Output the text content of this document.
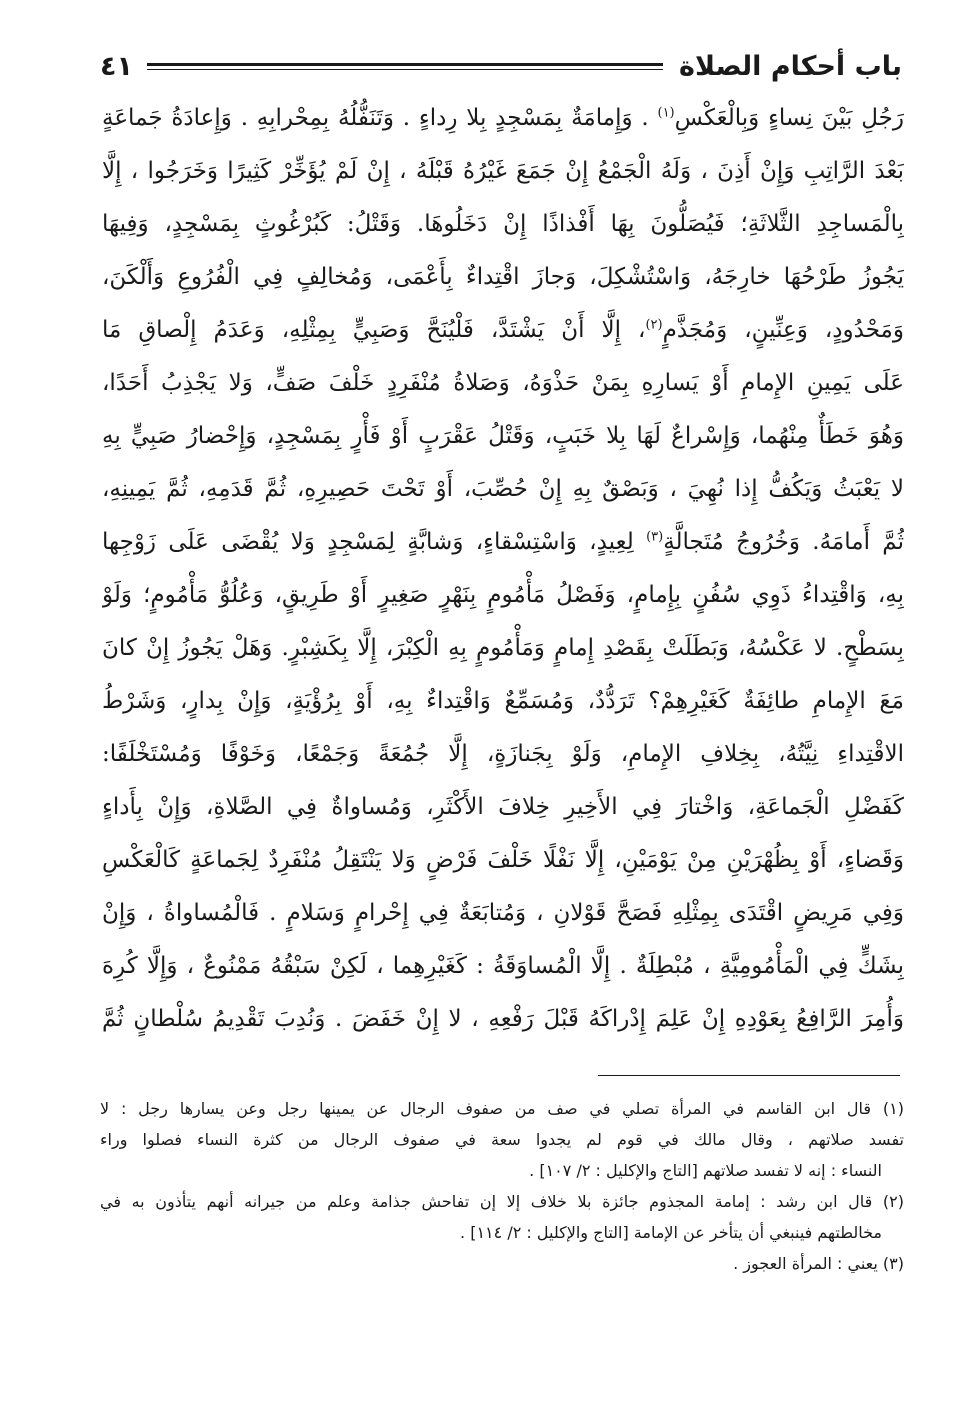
باب أحكام الصلاة
٤١
رَجُلِ بَيْنَ نِساءٍ وَبِالْعَكْسِ$^{(١)}$ . وَإِمامَةٌ بِمَسْجِدٍ بِلا رِداءٍ . وَتَنَفُّلُهُ بِمِحْرابِهِ . وَإِعادَةُ جَماعَةٍ
بَعْدَ الرَّاتِبِ وَإِنْ أَذِنَ ، وَلَهُ الْجَمْعُ إِنْ جَمَعَ غَيْرُهُ قَبْلَهُ ، إِنْ لَمْ يُؤَخِّرْ كَثِيرًا وَخَرَجُوا ، إِلَّا
بِالْمَساجِدِ الثَّلاثَةِ؛ فَيُصَلُّونَ بِهَا أَفْذاذًا إِنْ دَخَلُوهَا. وَقَتْلُ: كَبُرْغُوثٍ بِمَسْجِدٍ، وَفِيهَا
يَجُوزُ طَرْحُهَا خارِجَهُ، وَاسْتُشْكِلَ، وَجازَ اقْتِداءٌ بِأَعْمَى، وَمُخالِفٍ فِي الْفُرُوعِ وَأَلْكَنَ،
وَمَحْدُودٍ، وَعِنِّينٍ، وَمُجَذَّمٍ$^{(٢)}$، إِلَّا أَنْ يَشْتَدَّ، فَلْيُنَحَّ وَصَبِيٍّ بِمِثْلِهِ، وَعَدَمُ إِلْصاقِ مَا
عَلَى يَمِينِ الإِمامِ أَوْ يَسارِهِ بِمَنْ حَذْوَهُ، وَصَلاةُ مُنْفَرِدٍ خَلْفَ صَفٍّ، وَلا يَجْذِبُ أَحَدًا،
وَهُوَ خَطَأٌ مِنْهُما، وَإِسْراعٌ لَهَا بِلا خَبَبٍ، وَقَتْلُ عَقْرَبٍ أَوْ فَأْرٍ بِمَسْجِدٍ، وَإِحْضارُ صَبِيٍّ بِهِ
لا يَعْبَثُ وَيَكُفُّ إِذا نُهِيَ ، وَبَصْقٌ بِهِ إِنْ حُصِّبَ، أَوْ تَحْتَ حَصِيرِهِ، ثُمَّ قَدَمِهِ، ثُمَّ يَمِينِهِ،
ثُمَّ أَمامَهُ. وَخُرُوجُ مُتَجالَّةٍ$^{(٣)}$ لِعِيدٍ، وَاسْتِسْقاءٍ، وَشابَّةٍ لِمَسْجِدٍ وَلا يُقْضَى عَلَى زَوْجِها
بِهِ، وَاقْتِداءُ ذَوِي سُفُنٍ بِإِمامٍ، وَفَصْلُ مَأْمُومٍ بِنَهْرٍ صَغِيرٍ أَوْ طَرِيقٍ، وَعُلُوُّ مَأْمُومٍ؛ وَلَوْ
بِسَطْحٍ. لا عَكْسُهُ، وَبَطَلَتْ بِقَصْدِ إِمامٍ وَمَأْمُومٍ بِهِ الْكِبْرَ، إِلَّا بِكَشِبْرٍ. وَهَلْ يَجُوزُ إِنْ كانَ
مَعَ الإِمامِ طائِفَةٌ كَغَيْرِهِمْ؟ تَرَدُّدٌ، وَمُسَمِّعٌ وَاقْتِداءٌ بِهِ، أَوْ بِرُؤْيَةٍ، وَإِنْ بِدارٍ، وَشَرْطُ
الاقْتِداءِ نِيَّتُهُ، بِخِلافِ الإِمامِ، وَلَوْ بِجَنازَةٍ، إِلَّا جُمُعَةً وَجَمْعًا، وَخَوْفًا وَمُسْتَخْلَفًا:
كَفَضْلِ الْجَماعَةِ، وَاخْتارَ فِي الأَخِيرِ خِلافَ الأَكْثَرِ، وَمُساواةٌ فِي الصَّلاةِ، وَإِنْ بِأَداءٍ
وَقَضاءٍ، أَوْ بِظُهْرَيْنِ مِنْ يَوْمَيْنِ، إِلَّا نَفْلًا خَلْفَ فَرْضٍ وَلا يَنْتَقِلُ مُنْفَرِدٌ لِجَماعَةٍ كَالْعَكْسِ
وَفِي مَرِيضٍ اقْتَدَى بِمِثْلِهِ فَصَحَّ قَوْلانِ ، وَمُتابَعَةٌ فِي إِحْرامٍ وَسَلامٍ . فَالْمُساواةُ ، وَإِنْ
بِشَكٍّ فِي الْمَأْمُومِيَّةِ ، مُبْطِلَةٌ . إِلَّا الْمُساوَقَةُ : كَغَيْرِهِما ، لَكِنْ سَبْقُهُ مَمْنُوعٌ ، وَإِلَّا كُرِهَ
وَأُمِرَ الرَّافِعُ بِعَوْدِهِ إِنْ عَلِمَ إِدْراكَهُ قَبْلَ رَفْعِهِ ، لا إِنْ خَفَضَ . وَنُدِبَ تَقْدِيمُ سُلْطانٍ ثُمَّ
(١) قال ابن القاسم في المرأة تصلي في صف من صفوف الرجال عن يمينها رجل وعن يسارها رجل : لا
تفسد صلاتهم ، وقال مالك في قوم لم يجدوا سعة في صفوف الرجال من كثرة النساء فصلوا وراء
النساء : إنه لا تفسد صلاتهم [التاج والإكليل : ٢/ ١٠٧] .
(٢) قال ابن رشد : إمامة المجذوم جائزة بلا خلاف إلا إن تفاحش جذامة وعلم من جيرانه أنهم يتأذون به في
مخالطتهم فينبغي أن يتأخر عن الإمامة [التاج والإكليل : ٢/ ١١٤] .
(٣) يعني : المرأة العجوز .
